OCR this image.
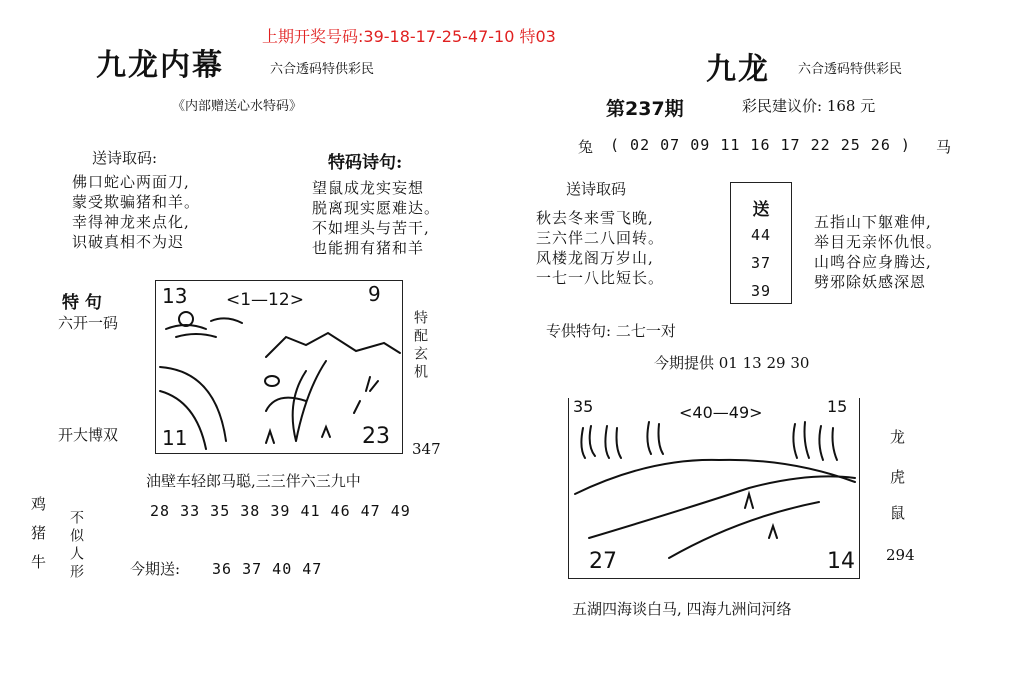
上期开奖号码:39-18-17-25-47-10 特03
九龙内幕	六合透码特供彩民
《内部赠送心水特码》
送诗取码:
佛口蛇心两面刀,
蒙受欺骗猪和羊。
幸得神龙来点化,
识破真相不为迟
特码诗句:
望鼠成龙实妄想
脱离现实愿难达。
不如埋头与苦干,
也能拥有猪和羊
特 句
六开一码
开大博双
13 <1—12>	9
11	23
特配玄机
347
油壁车轻郎马聪,三三伴六三九中
28 33 35 38 39 41 46 47 49
鸡猪牛 不似人形	今期送: 36 37 40 47
九龙 六合透码特供彩民
第237期	彩民建议价: 168 元
兔 ( 02 07 09 11 16 17 22 25 26 ) 马
送诗取码
秋去冬来雪飞晚,
三六伴二八回转。
风楼龙阁万岁山,
一七一八比短长。
送
44
37
39
五指山下躯难伸,
举目无亲怀仇恨。
山鸣谷应身腾达,
劈邪除妖感深恩
专供特句: 二七一对
今期提供 01 13 29 30
35	<40—49>	15
27	14
龙
虎
鼠
294
五湖四海谈白马, 四海九洲问河络
